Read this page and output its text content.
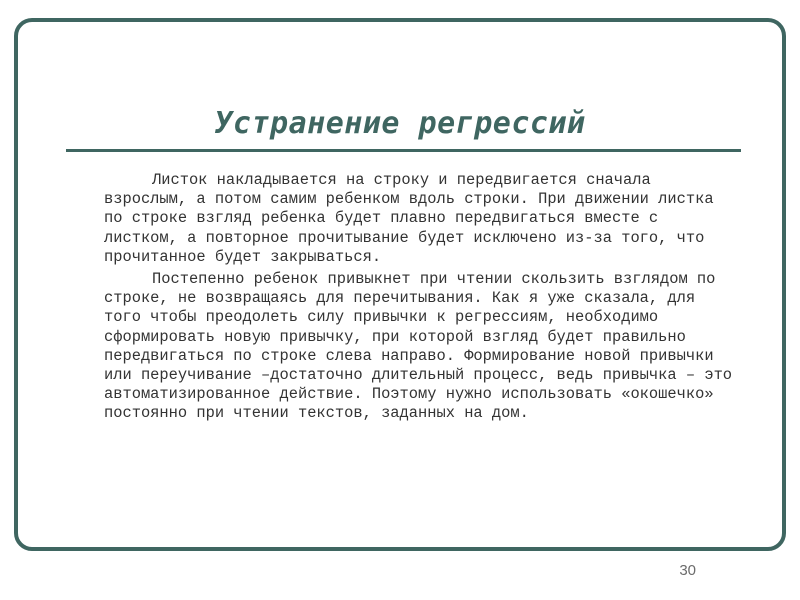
Устранение регрессий

Листок накладывается на строку и передвигается сначала взрослым, а потом самим ребенком вдоль строки. При движении листка по строке взгляд ребенка будет плавно передвигаться вместе с листком, а повторное прочитывание будет исключено из-за того, что прочитанное будет закрываться.

Постепенно ребенок привыкнет при чтении скользить взглядом по строке, не возвращаясь для перечитывания. Как я уже сказала, для того чтобы преодолеть силу привычки к регрессиям, необходимо сформировать новую привычку, при которой взгляд будет правильно передвигаться по строке слева направо. Формирование новой привычки или переучивание –достаточно длительный процесс, ведь привычка – это автоматизированное действие. Поэтому нужно использовать «окошечко» постоянно при чтении текстов, заданных на дом.

30
